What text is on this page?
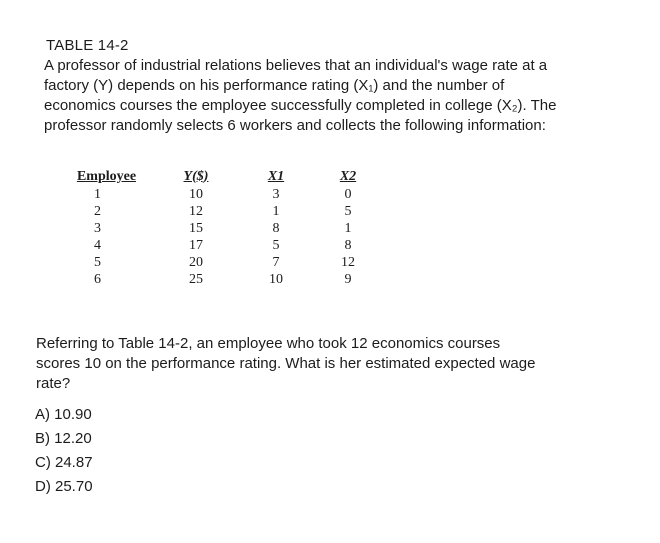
TABLE 14-2
A professor of industrial relations believes that an individual's wage rate at a
factory (Y) depends on his performance rating (X₁) and the number of
economics courses the employee successfully completed in college (X₂). The
professor randomly selects 6 workers and collects the following information:
Employee	Y($)	X1	X2
1	10	3	0
2	12	1	5
3	15	8	1
4	17	5	8
5	20	7	12
6	25	10	9
Referring to Table 14-2, an employee who took 12 economics courses
scores 10 on the performance rating. What is her estimated expected wage
rate?
A) 10.90
B) 12.20
C) 24.87
D) 25.70
